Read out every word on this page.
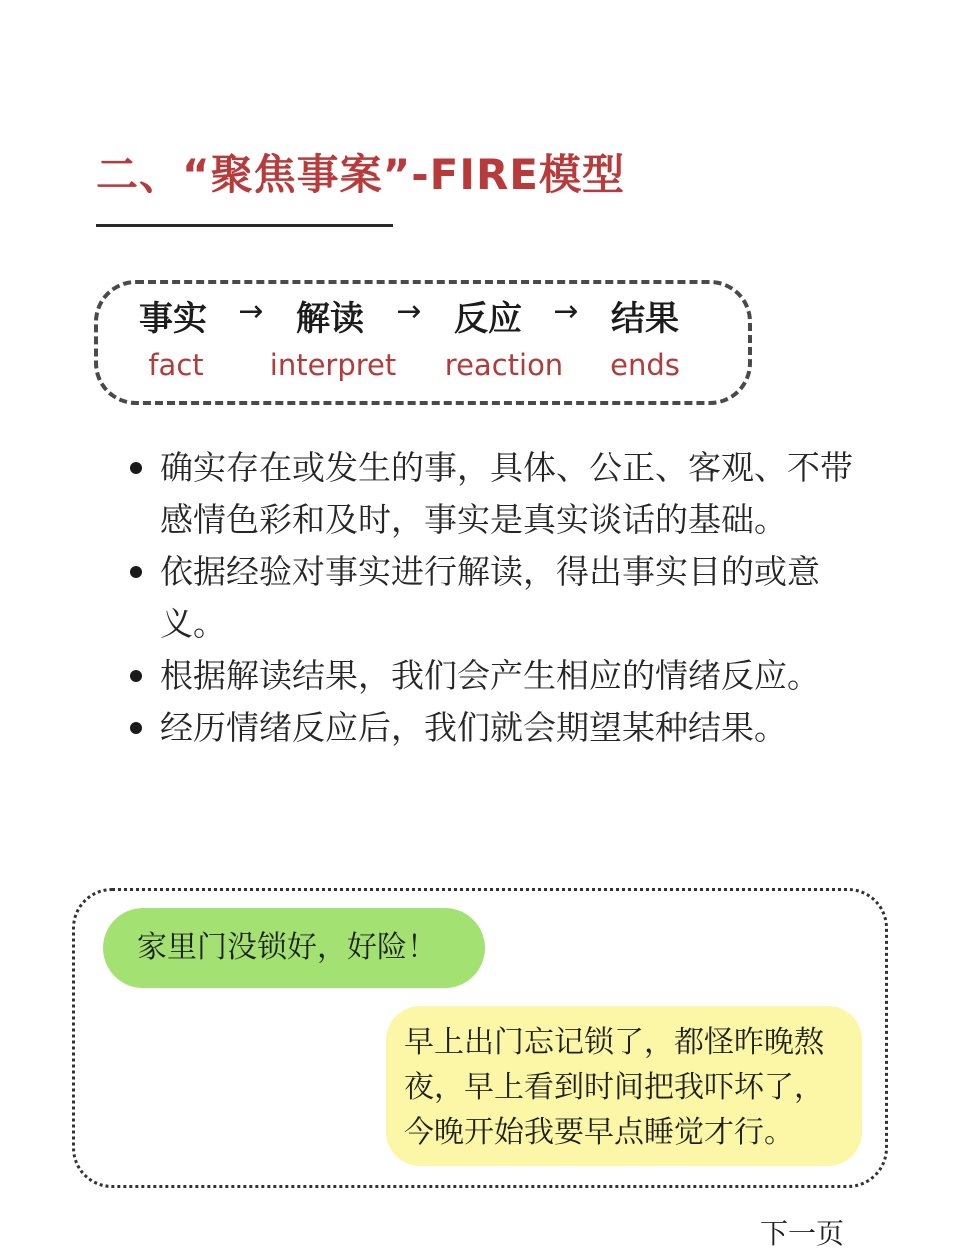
二、“聚焦事案”-FIRE模型
事实 → 解读 → 反应 → 结果
fact interpret reaction ends
确实存在或发生的事，具体、公正、客观、不带感情色彩和及时，事实是真实谈话的基础。
依据经验对事实进行解读，得出事实目的或意义。
根据解读结果，我们会产生相应的情绪反应。
经历情绪反应后，我们就会期望某种结果。
家里门没锁好，好险！
早上出门忘记锁了，都怪昨晚熬夜，早上看到时间把我吓坏了，今晚开始我要早点睡觉才行。
下一页
